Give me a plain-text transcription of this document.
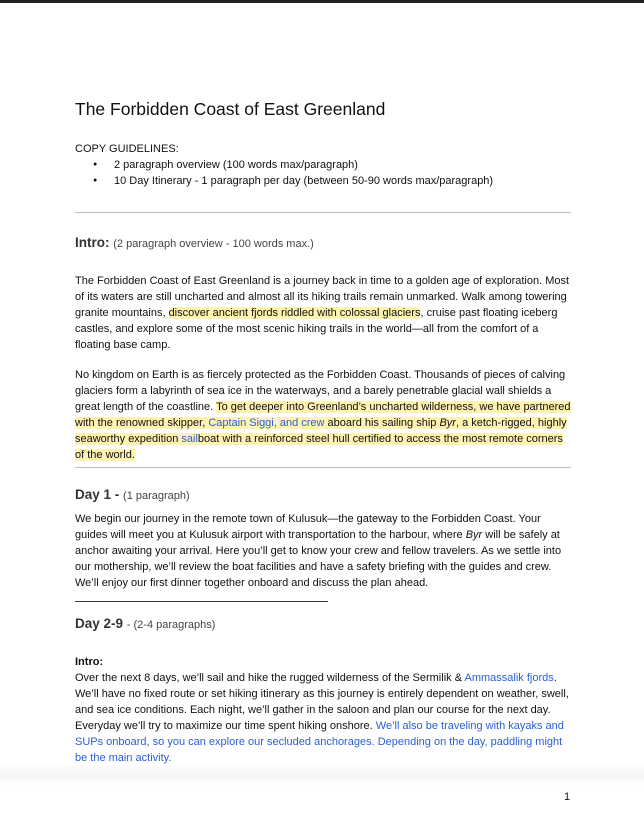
The Forbidden Coast of East Greenland
COPY GUIDELINES:
● 2 paragraph overview (100 words max/paragraph)
● 10 Day Itinerary - 1 paragraph per day (between 50-90 words max/paragraph)
Intro: (2 paragraph overview - 100 words max.)

The Forbidden Coast of East Greenland is a journey back in time to a golden age of exploration. Most of its waters are still uncharted and almost all its hiking trails remain unmarked. Walk among towering granite mountains, discover ancient fjords riddled with colossal glaciers, cruise past floating iceberg castles, and explore some of the most scenic hiking trails in the world—all from the comfort of a floating base camp.

No kingdom on Earth is as fiercely protected as the Forbidden Coast. Thousands of pieces of calving glaciers form a labyrinth of sea ice in the waterways, and a barely penetrable glacial wall shields a great length of the coastline. To get deeper into Greenland’s uncharted wilderness, we have partnered with the renowned skipper, Captain Siggi, and crew aboard his sailing ship Byr, a ketch-rigged, highly seaworthy expedition sailboat with a reinforced steel hull certified to access the most remote corners of the world.

Day 1 - (1 paragraph)

We begin our journey in the remote town of Kulusuk—the gateway to the Forbidden Coast. Your guides will meet you at Kulusuk airport with transportation to the harbour, where Byr will be safely at anchor awaiting your arrival. Here you’ll get to know your crew and fellow travelers. As we settle into our mothership, we’ll review the boat facilities and have a safety briefing with the guides and crew. We’ll enjoy our first dinner together onboard and discuss the plan ahead.

Day 2-9 - (2-4 paragraphs)

Intro:

Over the next 8 days, we’ll sail and hike the rugged wilderness of the Sermilik & Ammassalik fjords. We’ll have no fixed route or set hiking itinerary as this journey is entirely dependent on weather, swell, and sea ice conditions. Each night, we’ll gather in the saloon and plan our course for the next day. Everyday we’ll try to maximize our time spent hiking onshore. We’ll also be traveling with kayaks and SUPs onboard, so you can explore our secluded anchorages. Depending on the day, paddling might be the main activity.

1
